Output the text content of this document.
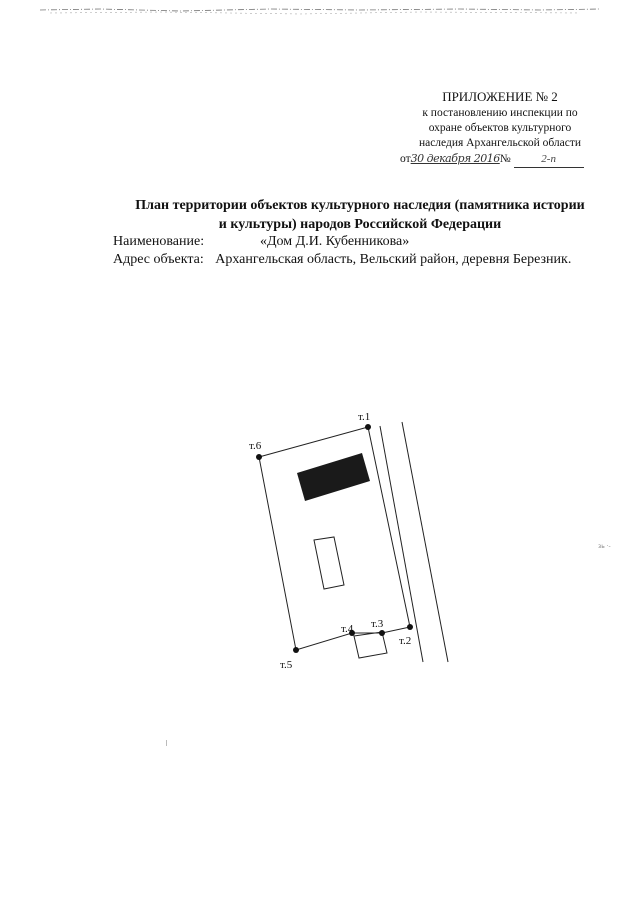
ПРИЛОЖЕНИЕ № 2
к постановлению инспекции по
охране объектов культурного
наследия Архангельской области
от30 декабря 2016№	2-п
План территории объектов культурного наследия (памятника истории
и культуры) народов Российской Федерации
Наименование:	«Дом Д.И. Кубенникова»
Адрес объекта: Архангельская область, Вельский район, деревня Березник.
т.1
т.2
т.3
т.4
т.5
т.6
зь ·-
